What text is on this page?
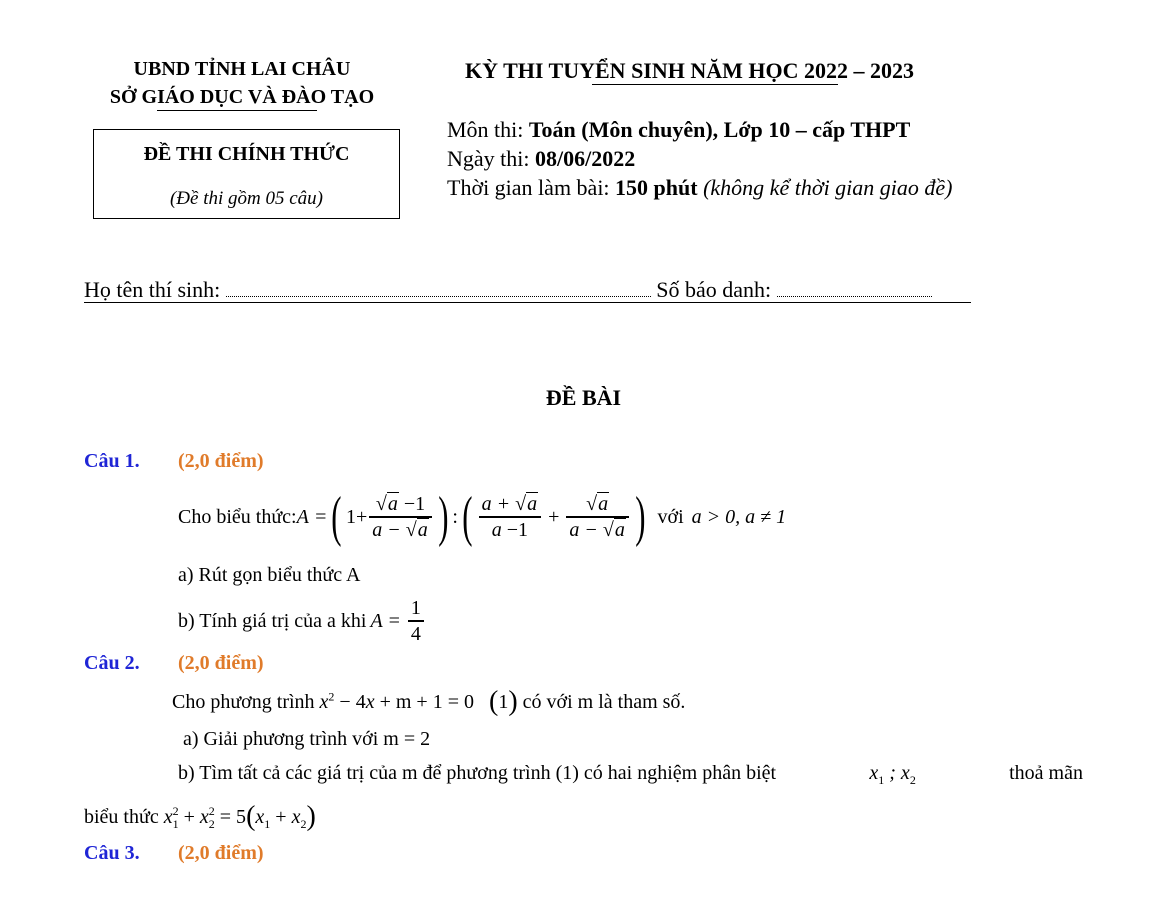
UBND TỈNH LAI CHÂU
SỞ GIÁO DỤC VÀ ĐÀO TẠO
ĐỀ THI CHÍNH THỨC
(Đề thi gồm 05 câu)
KỲ THI TUYỂN SINH NĂM HỌC 2022 – 2023
Môn thi: Toán (Môn chuyên), Lớp 10 – cấp THPT
Ngày thi: 08/06/2022
Thời gian làm bài: 150 phút (không kể thời gian giao đề)
Họ tên thí sinh:	Số báo danh:
ĐỀ BÀI
Câu 1. (2,0 điểm)
Cho biểu thức: A = ( $1+ \frac{√a -1}{a - √a}$ ) : ( $\frac{a + √a}{a -1} + \frac{√a}{a - √a}$ ) với a > 0, a ≠ 1
a) Rút gọn biểu thức A
b) Tính giá trị của a khi $A = \frac{1}{4}$
Câu 2. (2,0 điểm)
Cho phương trình $x^2 - 4x + m + 1 = 0$   (1) có với m là tham số.
a) Giải phương trình với m = 2
b) Tìm tất cả các giá trị của m để phương trình (1) có hai nghiệm phân biệt	$x_1$ ; $x_2$	thoả mãn
biểu thức $x_1^2 + x_2^2 = 5(x_1 + x_2)$
Câu 3. (2,0 điểm)
